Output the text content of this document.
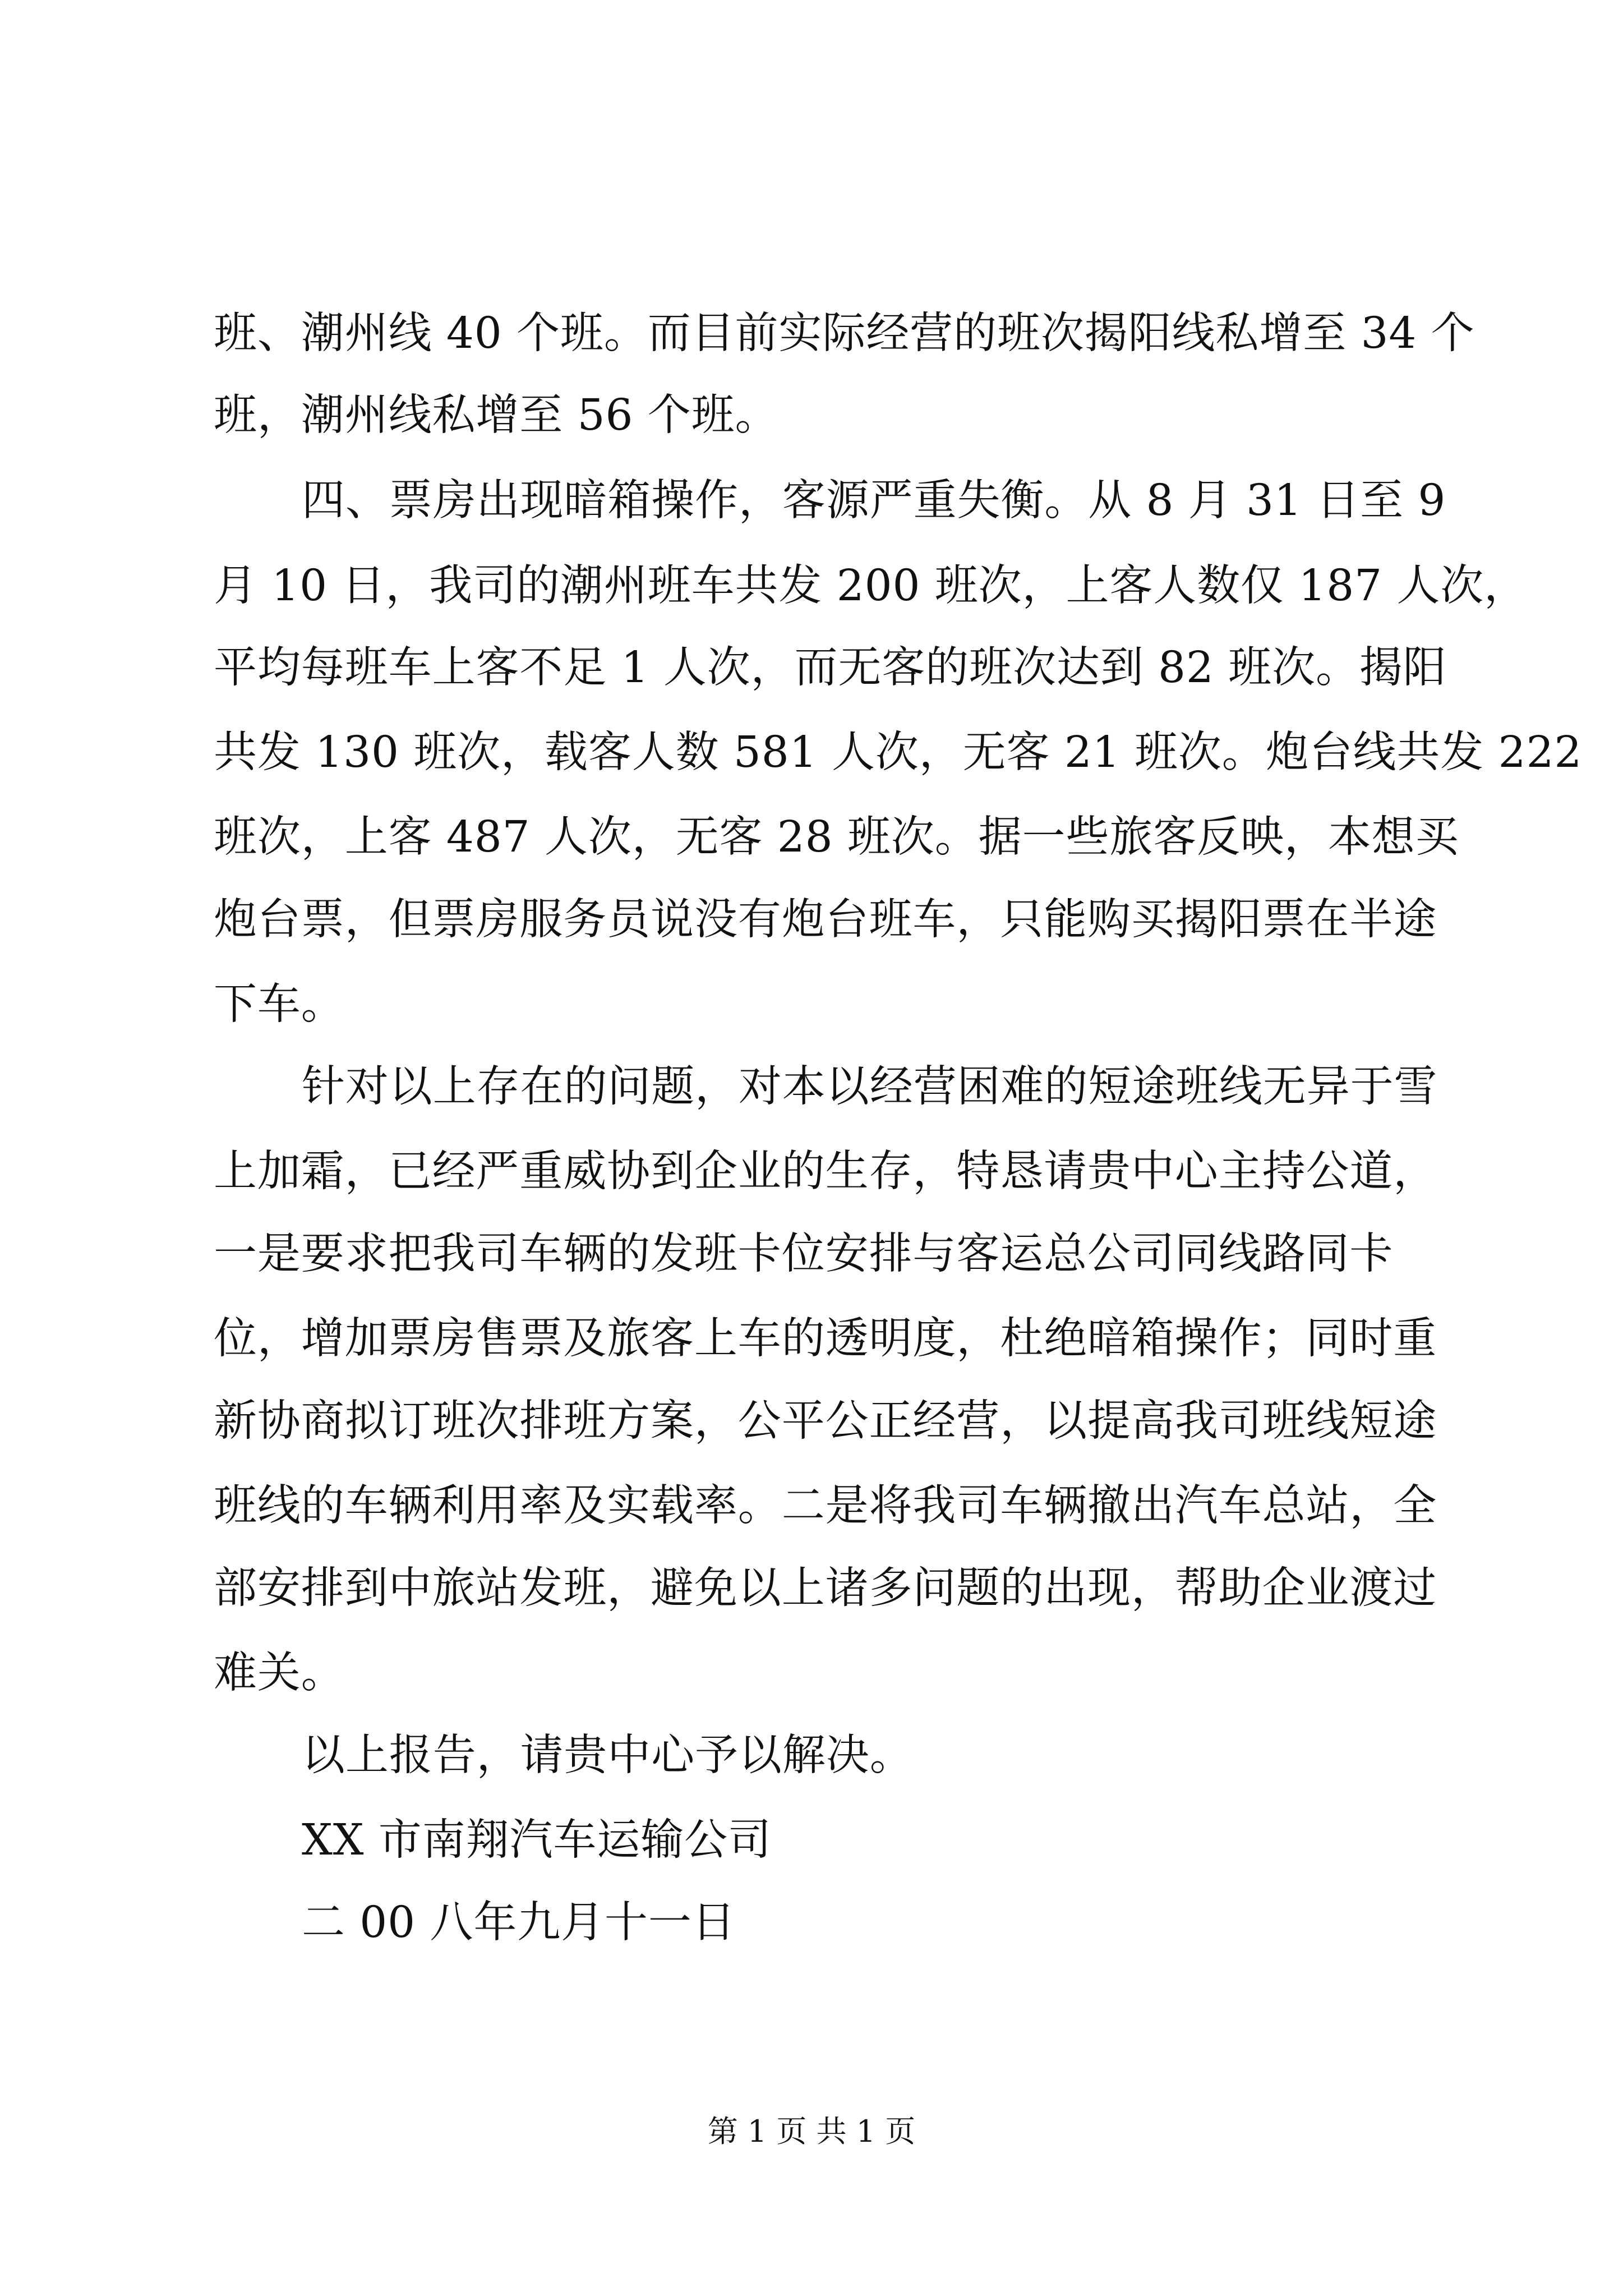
班、潮州线 40 个班。而目前实际经营的班次揭阳线私增至 34 个
班，潮州线私增至 56 个班。
四、票房出现暗箱操作，客源严重失衡。从 8 月 31 日至 9
月 10 日，我司的潮州班车共发 200 班次，上客人数仅 187 人次，
平均每班车上客不足 1 人次，而无客的班次达到 82 班次。揭阳
共发 130 班次，载客人数 581 人次，无客 21 班次。炮台线共发 222
班次，上客 487 人次，无客 28 班次。据一些旅客反映，本想买
炮台票，但票房服务员说没有炮台班车，只能购买揭阳票在半途
下车。
针对以上存在的问题，对本以经营困难的短途班线无异于雪
上加霜，已经严重威协到企业的生存，特恳请贵中心主持公道，
一是要求把我司车辆的发班卡位安排与客运总公司同线路同卡
位，增加票房售票及旅客上车的透明度，杜绝暗箱操作；同时重
新协商拟订班次排班方案，公平公正经营，以提高我司班线短途
班线的车辆利用率及实载率。二是将我司车辆撤出汽车总站，全
部安排到中旅站发班，避免以上诸多问题的出现，帮助企业渡过
难关。
以上报告，请贵中心予以解决。
XX 市南翔汽车运输公司
二 00 八年九月十一日
第 1 页 共 1 页
